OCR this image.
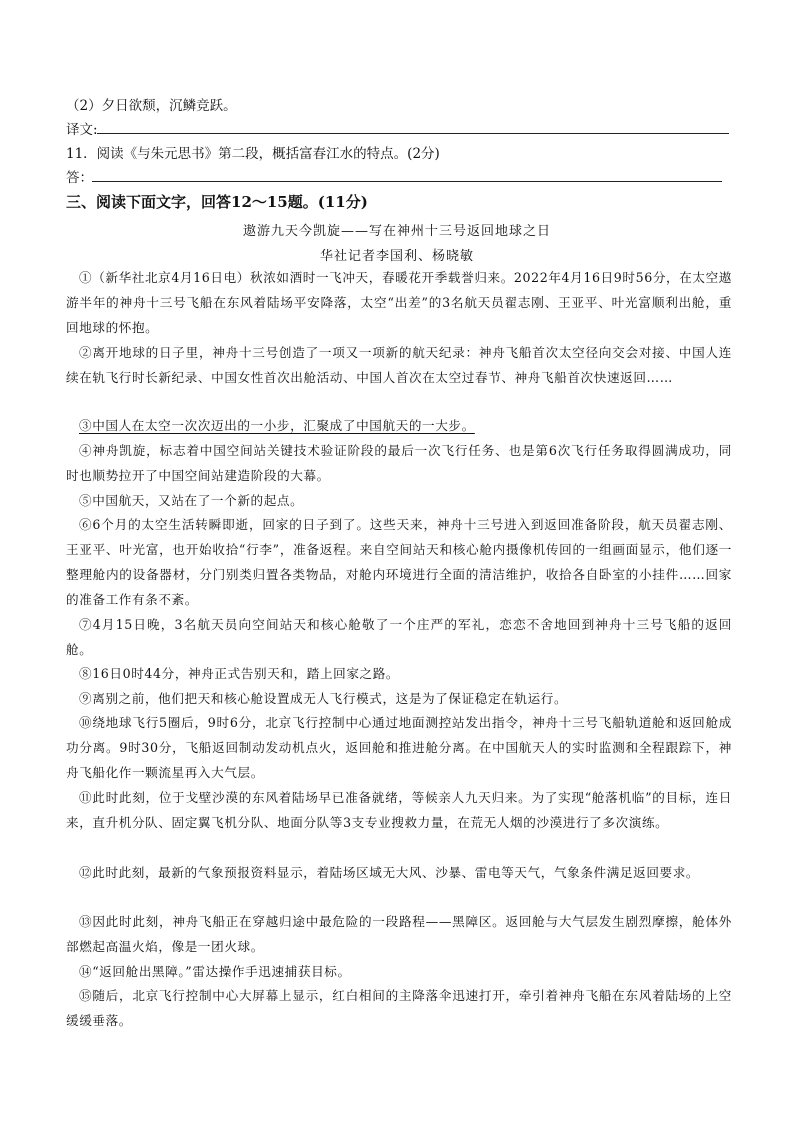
（2）夕日欲颓，沉鳞竞跃。
译文:
11．阅读《与朱元思书》第二段，概括富春江水的特点。(2分)
答：
三、阅读下面文字，回答12～15题。(11分)
遨游九天今凯旋——写在神州十三号返回地球之日
华社记者李国利、杨晓敏
①（新华社北京4月16日电）秋浓如酒时一飞冲天，春暖花开季载誉归来。2022年4月16日9时56分，在太空遨游半年的神舟十三号飞船在东风着陆场平安降落，太空“出差”的3名航天员翟志刚、王亚平、叶光富顺利出舱，重回地球的怀抱。
②离开地球的日子里，神舟十三号创造了一项又一项新的航天纪录：神舟飞船首次太空径向交会对接、中国人连续在轨飞行时长新纪录、中国女性首次出舱活动、中国人首次在太空过春节、神舟飞船首次快速返回……
③中国人在太空一次次迈出的一小步，汇聚成了中国航天的一大步。
④神舟凯旋，标志着中国空间站关键技术验证阶段的最后一次飞行任务、也是第6次飞行任务取得圆满成功，同时也顺势拉开了中国空间站建造阶段的大幕。
⑤中国航天，又站在了一个新的起点。
⑥6个月的太空生活转瞬即逝，回家的日子到了。这些天来，神舟十三号进入到返回准备阶段，航天员翟志刚、王亚平、叶光富，也开始收拾“行李”，准备返程。来自空间站天和核心舱内摄像机传回的一组画面显示，他们逐一整理舱内的设备器材，分门别类归置各类物品，对舱内环境进行全面的清洁维护，收拾各自卧室的小挂件……回家的准备工作有条不紊。
⑦4月15日晚，3名航天员向空间站天和核心舱敬了一个庄严的军礼，恋恋不舍地回到神舟十三号飞船的返回舱。
⑧16日0时44分，神舟正式告别天和，踏上回家之路。
⑨离别之前，他们把天和核心舱设置成无人飞行模式，这是为了保证稳定在轨运行。
⑩绕地球飞行5圈后，9时6分，北京飞行控制中心通过地面测控站发出指令，神舟十三号飞船轨道舱和返回舱成功分离。9时30分，飞船返回制动发动机点火，返回舱和推进舱分离。在中国航天人的实时监测和全程跟踪下，神舟飞船化作一颗流星再入大气层。
⑪此时此刻，位于戈壁沙漠的东风着陆场早已准备就绪，等候亲人九天归来。为了实现“舱落机临”的目标，连日来，直升机分队、固定翼飞机分队、地面分队等3支专业搜救力量，在荒无人烟的沙漠进行了多次演练。
⑫此时此刻，最新的气象预报资料显示，着陆场区域无大风、沙暴、雷电等天气，气象条件满足返回要求。
⑬因此时此刻，神舟飞船正在穿越归途中最危险的一段路程——黑障区。返回舱与大气层发生剧烈摩擦，舱体外部燃起高温火焰，像是一团火球。
⑭“返回舱出黑障。”雷达操作手迅速捕获目标。
⑮随后，北京飞行控制中心大屏幕上显示，红白相间的主降落伞迅速打开，牵引着神舟飞船在东风着陆场的上空缓缓垂落。
